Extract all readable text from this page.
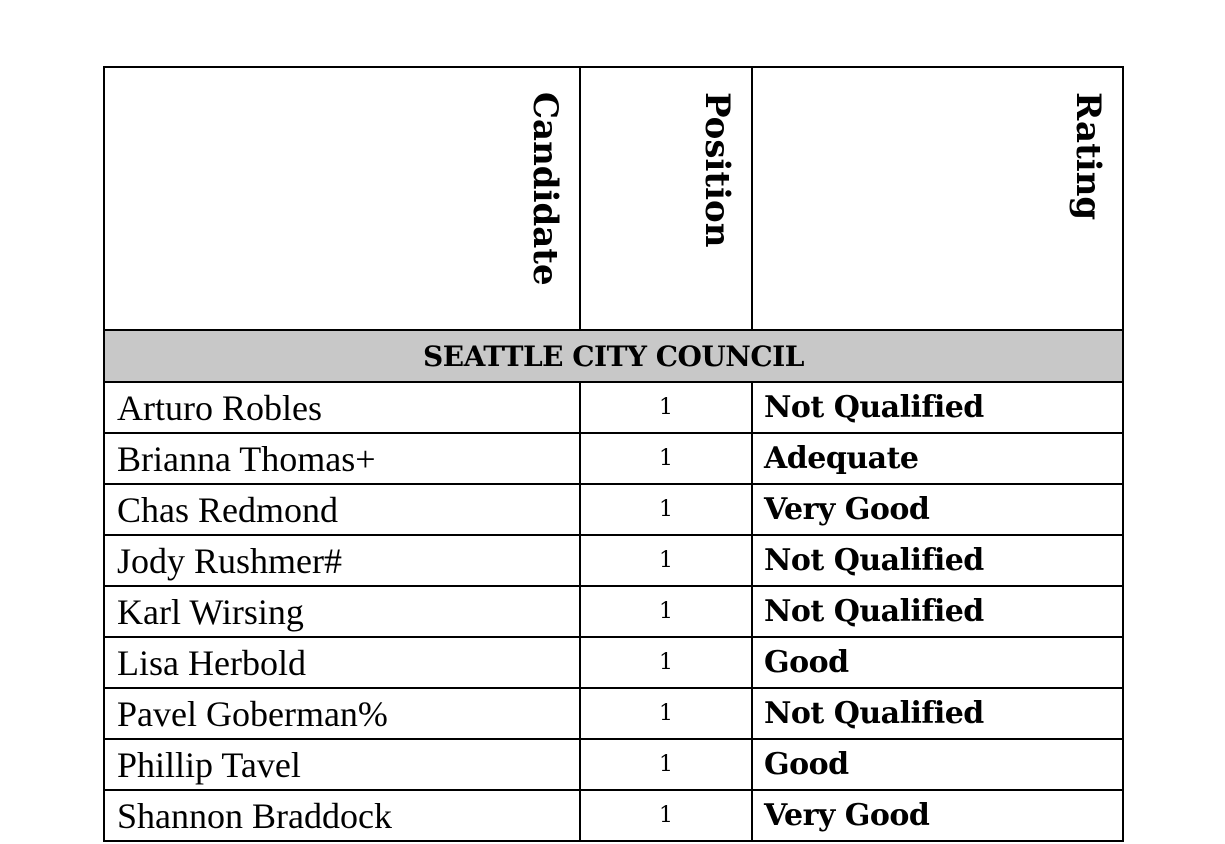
Candidate	Position	Rating

SEATTLE CITY COUNCIL		
Arturo Robles	1	Not Qualified
Brianna Thomas+	1	Adequate
Chas Redmond	1	Very Good
Jody Rushmer#	1	Not Qualified
Karl Wirsing	1	Not Qualified
Lisa Herbold	1	Good
Pavel Goberman%	1	Not Qualified
Phillip Tavel	1	Good
Shannon Braddock	1	Very Good
